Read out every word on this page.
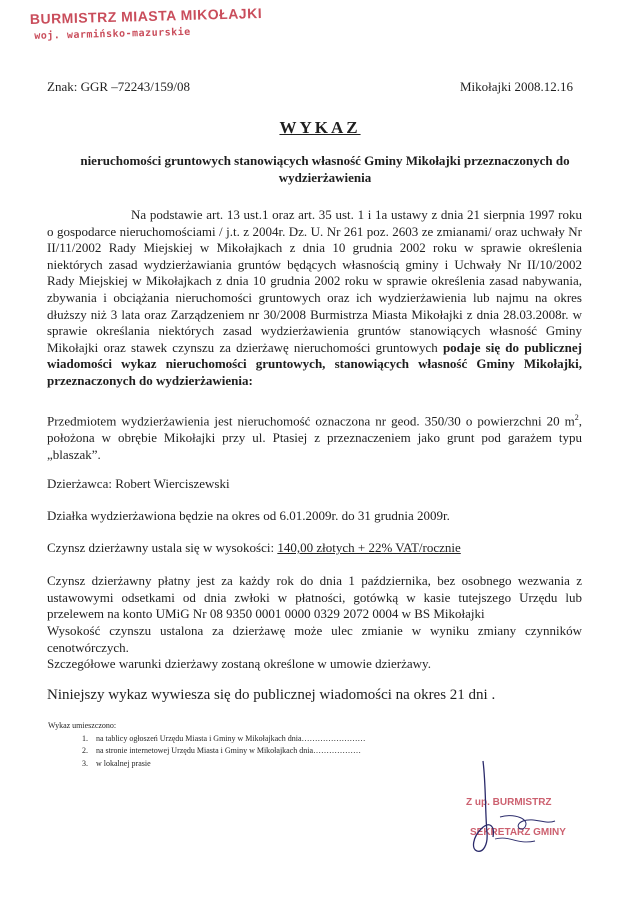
BURMISTRZ MIASTA MIKOŁAJKI
woj. warmińsko-mazurskie
Znak: GGR –72243/159/08	Mikołajki 2008.12.16
WYKAZ
nieruchomości gruntowych stanowiących własność Gminy Mikołajki przeznaczonych do wydzierżawienia
Na podstawie art. 13 ust.1 oraz art. 35 ust. 1 i 1a ustawy z dnia 21 sierpnia 1997 roku o gospodarce nieruchomościami / j.t. z 2004r. Dz. U. Nr 261 poz. 2603 ze zmianami/ oraz uchwały Nr II/11/2002 Rady Miejskiej w Mikołajkach z dnia 10 grudnia 2002 roku w sprawie określenia niektórych zasad wydzierżawiania gruntów będących własnością gminy i Uchwały Nr II/10/2002 Rady Miejskiej w Mikołajkach z dnia 10 grudnia 2002 roku w sprawie określenia zasad nabywania, zbywania i obciążania nieruchomości gruntowych oraz ich wydzierżawienia lub najmu na okres dłuższy niż 3 lata oraz Zarządzeniem nr 30/2008 Burmistrza Miasta Mikołajki z dnia 28.03.2008r. w sprawie określania niektórych zasad wydzierżawienia gruntów stanowiących własność Gminy Mikołajki oraz stawek czynszu za dzierżawę nieruchomości gruntowych podaje się do publicznej wiadomości wykaz nieruchomości gruntowych, stanowiących własność Gminy Mikołajki, przeznaczonych do wydzierżawienia:
Przedmiotem wydzierżawienia jest nieruchomość oznaczona nr geod. 350/30 o powierzchni 20 $m^2$, położona w obrębie Mikołajki przy ul. Ptasiej z przeznaczeniem jako grunt pod garażem typu „blaszak”.
Dzierżawca: Robert Wierciszewski
Działka wydzierżawiona będzie na okres od 6.01.2009r. do 31 grudnia 2009r.
Czynsz dzierżawny ustala się w wysokości: 140,00 złotych + 22% VAT/rocznie
Czynsz dzierżawny płatny jest za każdy rok do dnia 1 października, bez osobnego wezwania z ustawowymi odsetkami od dnia zwłoki w płatności, gotówką w kasie tutejszego Urzędu lub przelewem na konto UMiG Nr 08 9350 0001 0000 0329 2072 0004 w BS Mikołajki
Wysokość czynszu ustalona za dzierżawę może ulec zmianie w wyniku zmiany czynników cenotwórczych.
Szczegółowe warunki dzierżawy zostaną określone w umowie dzierżawy.
Niniejszy wykaz wywiesza się do publicznej wiadomości na okres 21 dni .
Wykaz umieszczono:
1. na tablicy ogłoszeń Urzędu Miasta i Gminy w Mikołajkach dnia……………………
2. na stronie internetowej Urzędu Miasta i Gminy w Mikołajkach dnia………………
3. w lokalnej prasie
Z up. BURMISTRZ
SEKRETARZ GMINY
